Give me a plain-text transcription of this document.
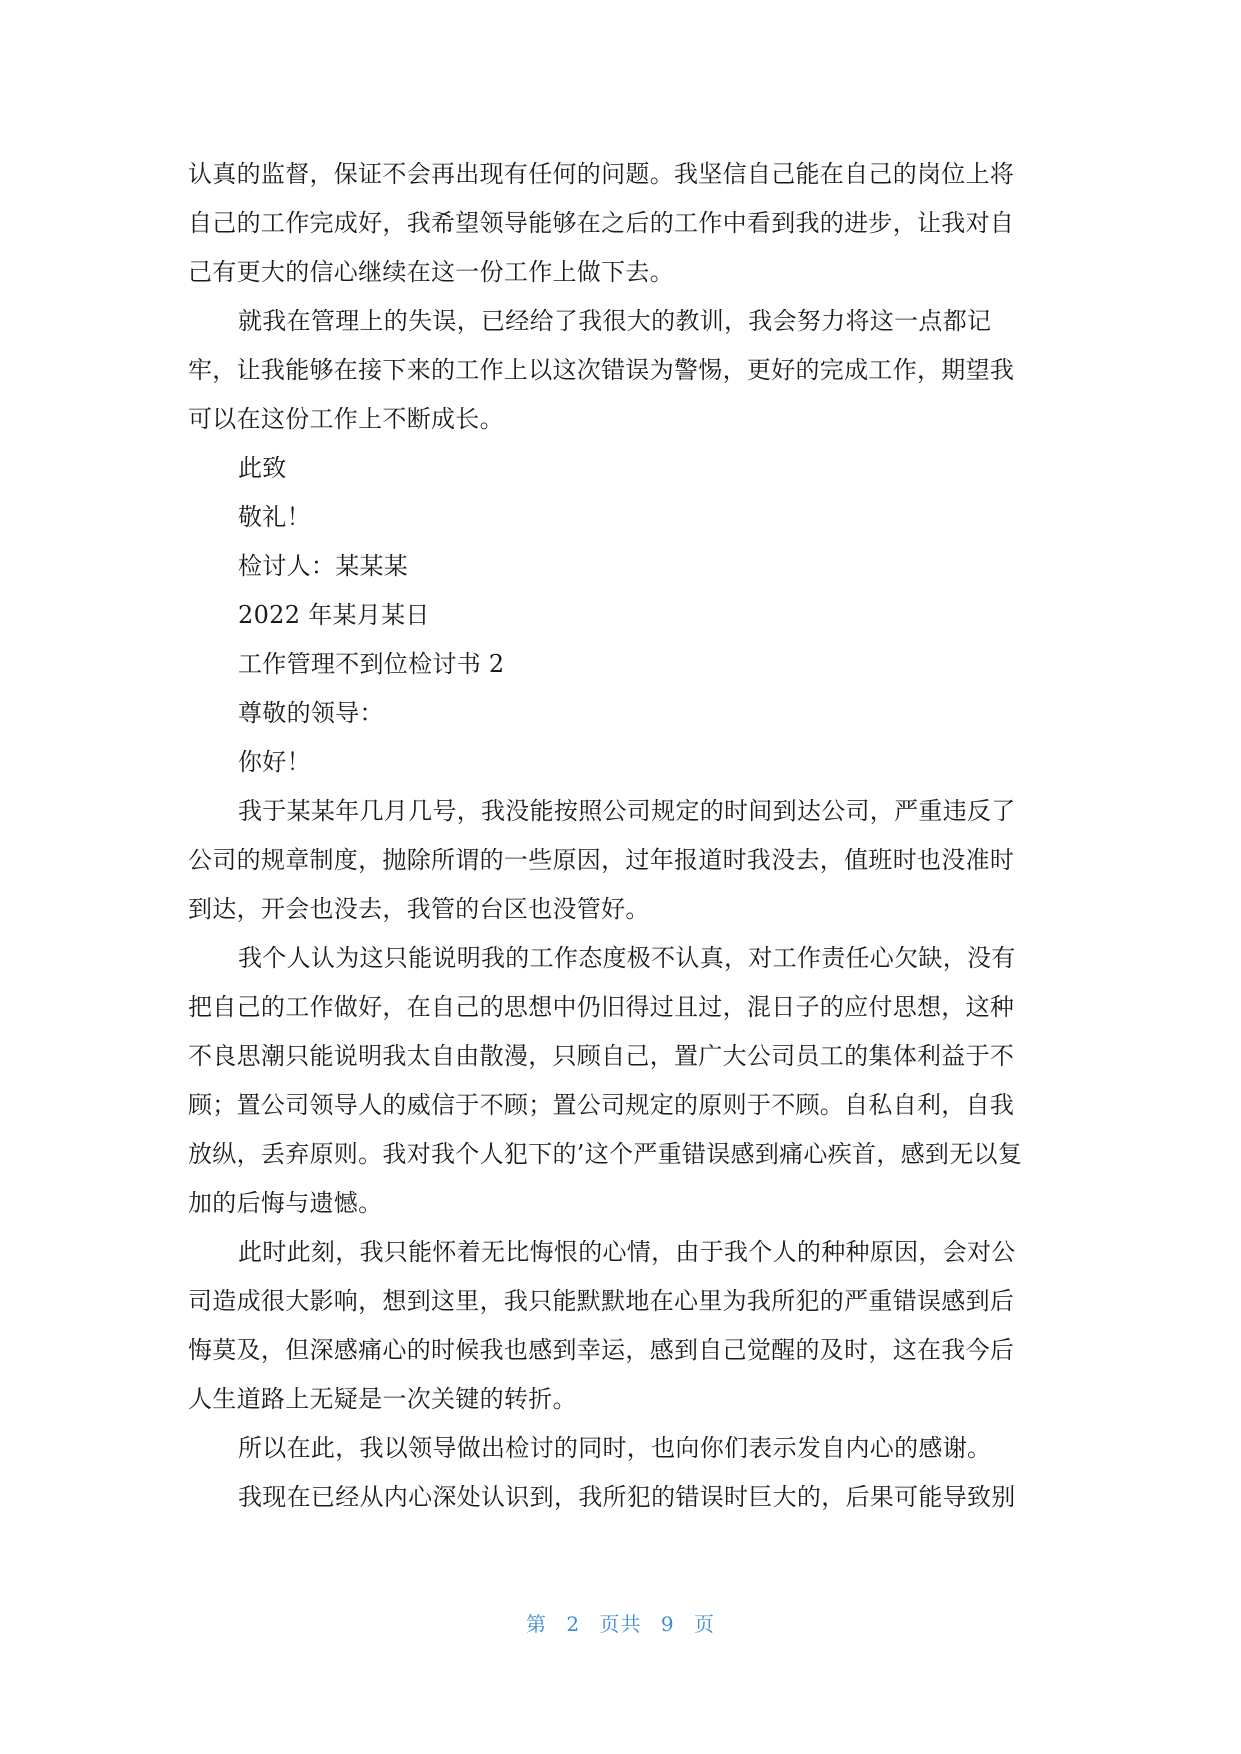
认真的监督，保证不会再出现有任何的问题。我坚信自己能在自己的岗位上将
自己的工作完成好，我希望领导能够在之后的工作中看到我的进步，让我对自
己有更大的信心继续在这一份工作上做下去。
就我在管理上的失误，已经给了我很大的教训，我会努力将这一点都记
牢，让我能够在接下来的工作上以这次错误为警惕，更好的完成工作，期望我
可以在这份工作上不断成长。
此致
敬礼！
检讨人：某某某
2022 年某月某日
工作管理不到位检讨书 2
尊敬的领导：
你好！
我于某某年几月几号，我没能按照公司规定的时间到达公司，严重违反了
公司的规章制度，抛除所谓的一些原因，过年报道时我没去，值班时也没准时
到达，开会也没去，我管的台区也没管好。
我个人认为这只能说明我的工作态度极不认真，对工作责任心欠缺，没有
把自己的工作做好，在自己的思想中仍旧得过且过，混日子的应付思想，这种
不良思潮只能说明我太自由散漫，只顾自己，置广大公司员工的集体利益于不
顾；置公司领导人的威信于不顾；置公司规定的原则于不顾。自私自利，自我
放纵，丢弃原则。我对我个人犯下的’这个严重错误感到痛心疾首，感到无以复
加的后悔与遗憾。
此时此刻，我只能怀着无比悔恨的心情，由于我个人的种种原因，会对公
司造成很大影响，想到这里，我只能默默地在心里为我所犯的严重错误感到后
悔莫及，但深感痛心的时候我也感到幸运，感到自己觉醒的及时，这在我今后
人生道路上无疑是一次关键的转折。
所以在此，我以领导做出检讨的同时，也向你们表示发自内心的感谢。
我现在已经从内心深处认识到，我所犯的错误时巨大的，后果可能导致别
第 2 页共 9 页
